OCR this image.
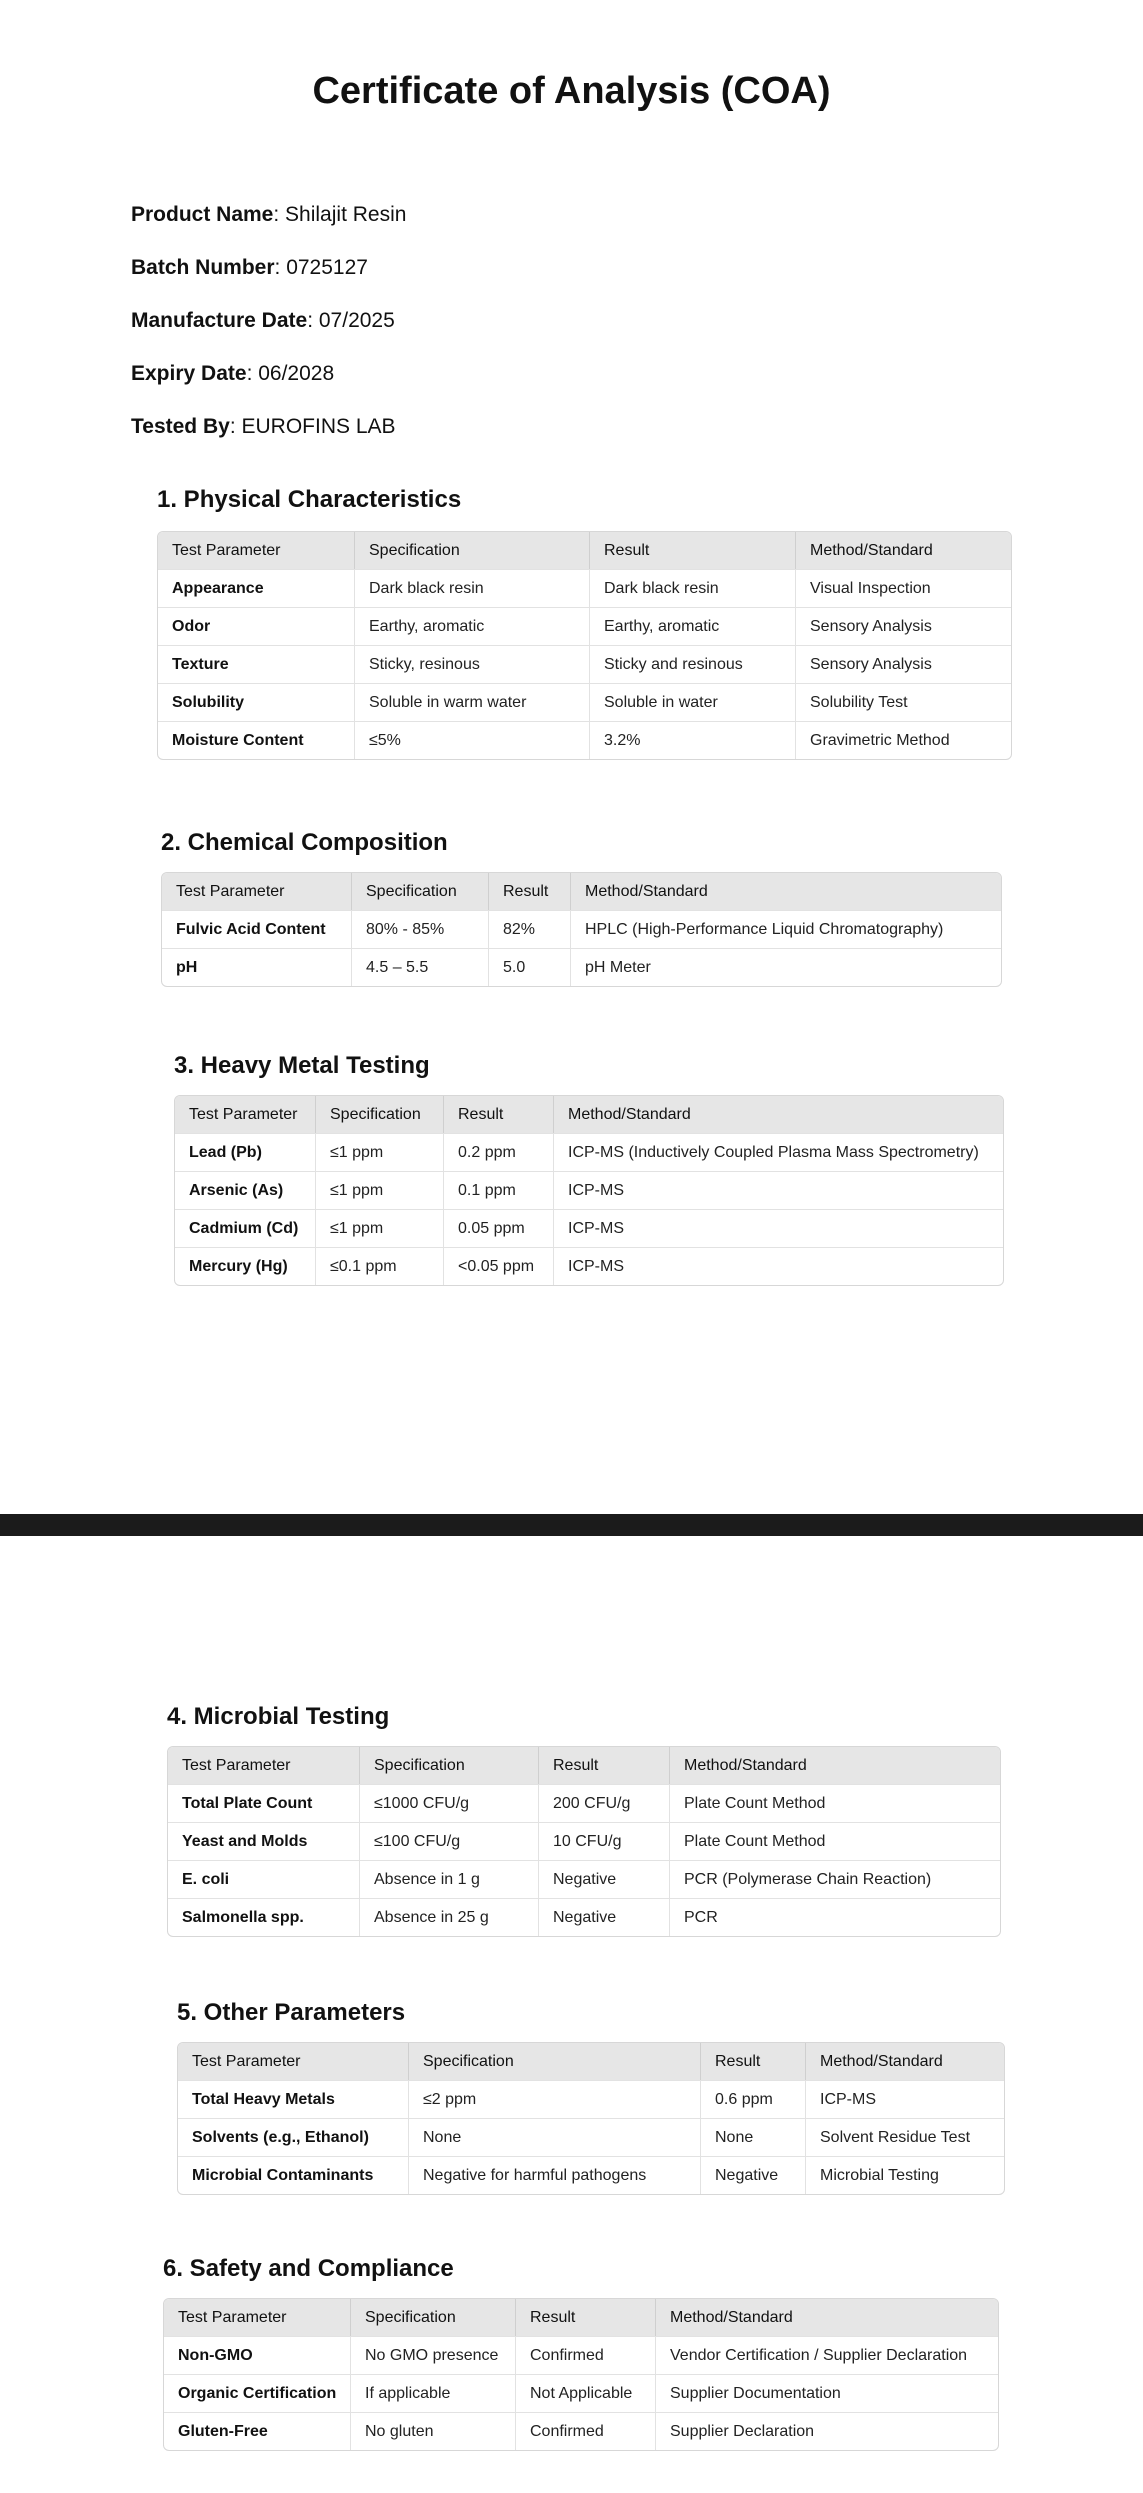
Certificate of Analysis (COA)

Product Name: Shilajit Resin

Batch Number: 0725127

Manufacture Date: 07/2025

Expiry Date: 06/2028

Tested By: EUROFINS LAB

1. Physical Characteristics
Test Parameter	Specification	Result	Method/Standard
Appearance	Dark black resin	Dark black resin	Visual Inspection
Odor	Earthy, aromatic	Earthy, aromatic	Sensory Analysis
Texture	Sticky, resinous	Sticky and resinous	Sensory Analysis
Solubility	Soluble in warm water	Soluble in water	Solubility Test
Moisture Content	≤5%	3.2%	Gravimetric Method
2. Chemical Composition
Test Parameter	Specification	Result	Method/Standard
Fulvic Acid Content	80% - 85%	82%	HPLC (High-Performance Liquid Chromatography)
pH	4.5 – 5.5	5.0	pH Meter
3. Heavy Metal Testing
Test Parameter	Specification	Result	Method/Standard
Lead (Pb)	≤1 ppm	0.2 ppm	ICP-MS (Inductively Coupled Plasma Mass Spectrometry)
Arsenic (As)	≤1 ppm	0.1 ppm	ICP-MS
Cadmium (Cd)	≤1 ppm	0.05 ppm	ICP-MS
Mercury (Hg)	≤0.1 ppm	<0.05 ppm	ICP-MS
4. Microbial Testing
Test Parameter	Specification	Result	Method/Standard
Total Plate Count	≤1000 CFU/g	200 CFU/g	Plate Count Method
Yeast and Molds	≤100 CFU/g	10 CFU/g	Plate Count Method
E. coli	Absence in 1 g	Negative	PCR (Polymerase Chain Reaction)
Salmonella spp.	Absence in 25 g	Negative	PCR
5. Other Parameters
Test Parameter	Specification	Result	Method/Standard
Total Heavy Metals	≤2 ppm	0.6 ppm	ICP-MS
Solvents (e.g., Ethanol)	None	None	Solvent Residue Test
Microbial Contaminants	Negative for harmful pathogens	Negative	Microbial Testing
6. Safety and Compliance
Test Parameter	Specification	Result	Method/Standard
Non-GMO	No GMO presence	Confirmed	Vendor Certification / Supplier Declaration
Organic Certification	If applicable	Not Applicable	Supplier Documentation
Gluten-Free	No gluten	Confirmed	Supplier Declaration
